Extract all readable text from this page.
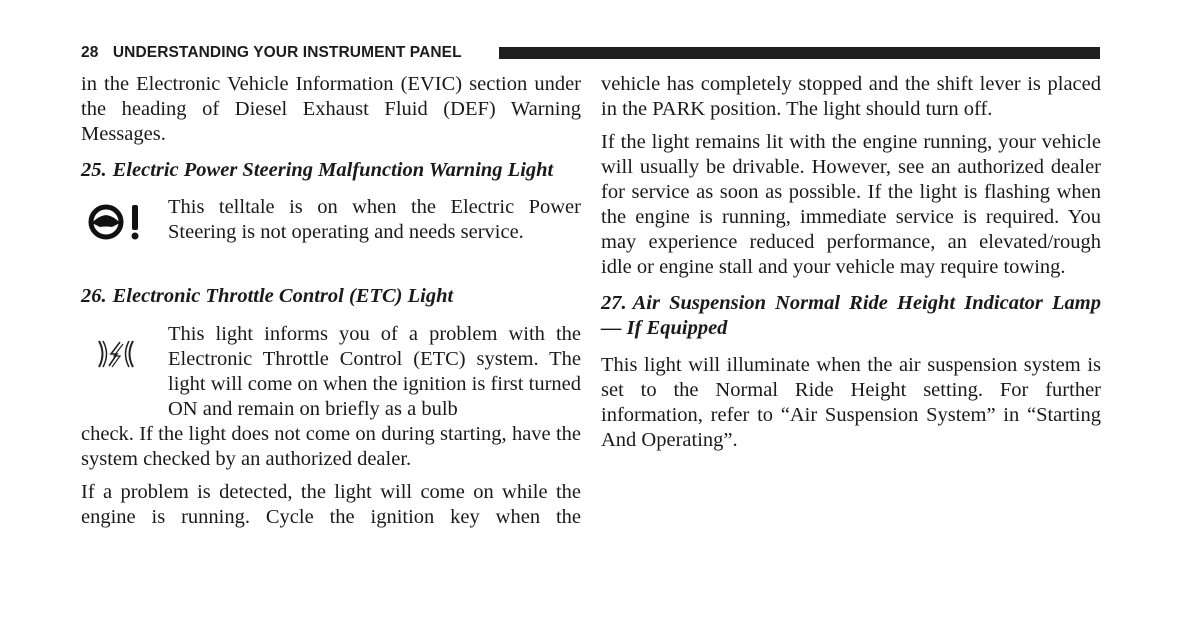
28 UNDERSTANDING YOUR INSTRUMENT PANEL

in the Electronic Vehicle Information (EVIC) section under the heading of Diesel Exhaust Fluid (DEF) Warning Messages.

25. Electric Power Steering Malfunction Warning Light

This telltale is on when the Electric Power Steering is not operating and needs service.

26. Electronic Throttle Control (ETC) Light

This light informs you of a problem with the Electronic Throttle Control (ETC) system. The light will come on when the ignition is first turned ON and remain on briefly as a bulb

check. If the light does not come on during starting, have the system checked by an authorized dealer.

If a problem is detected, the light will come on while the engine is running. Cycle the ignition key when the

vehicle has completely stopped and the shift lever is placed in the PARK position. The light should turn off.

If the light remains lit with the engine running, your vehicle will usually be drivable. However, see an authorized dealer for service as soon as possible. If the light is flashing when the engine is running, immediate service is required. You may experience reduced performance, an elevated/rough idle or engine stall and your vehicle may require towing.

27. Air Suspension Normal Ride Height Indicator Lamp — If Equipped

This light will illuminate when the air suspension system is set to the Normal Ride Height setting. For further information, refer to “Air Suspension System” in “Starting And Operating”.
